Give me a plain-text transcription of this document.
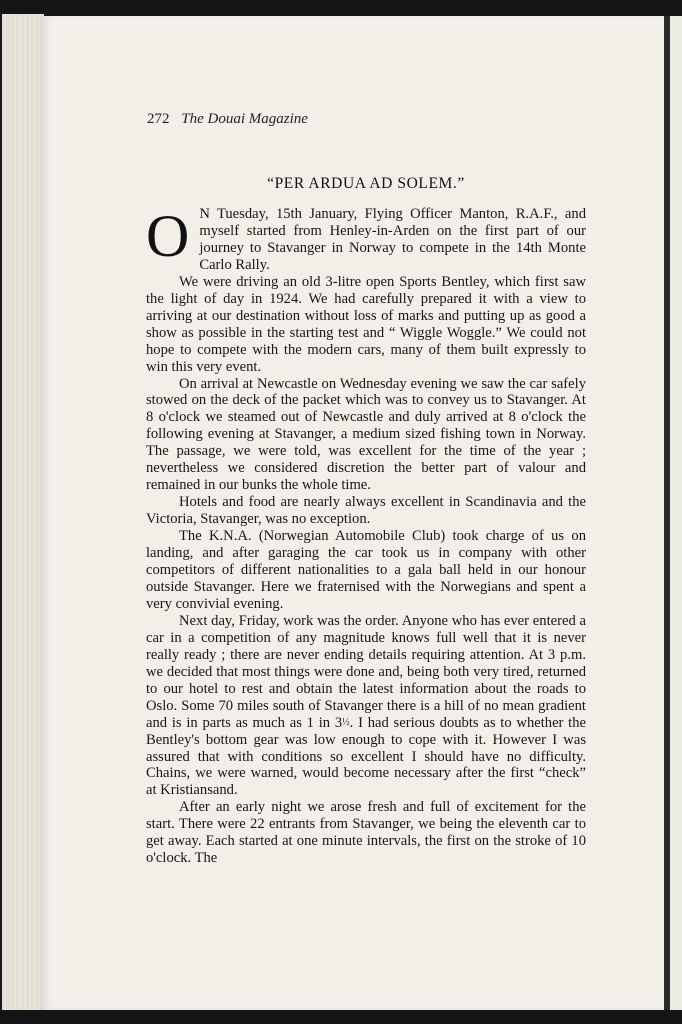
272 The Douai Magazine
“PER ARDUA AD SOLEM.”

O N Tuesday, 15th January, Flying Officer Manton, R.A.F., and myself started from Henley-in-Arden on the first part of our journey to Stavanger in Norway to compete in the 14th Monte Carlo Rally.

We were driving an old 3-litre open Sports Bentley, which first saw the light of day in 1924. We had carefully prepared it with a view to arriving at our destination without loss of marks and putting up as good a show as possible in the starting test and “ Wiggle Woggle.” We could not hope to compete with the modern cars, many of them built expressly to win this very event.

On arrival at Newcastle on Wednesday evening we saw the car safely stowed on the deck of the packet which was to convey us to Stavanger. At 8 o'clock we steamed out of Newcastle and duly arrived at 8 o'clock the following evening at Stavanger, a medium sized fishing town in Norway. The passage, we were told, was excellent for the time of the year ; nevertheless we considered discretion the better part of valour and remained in our bunks the whole time.

Hotels and food are nearly always excellent in Scandinavia and the Victoria, Stavanger, was no exception.

The K.N.A. (Norwegian Automobile Club) took charge of us on landing, and after garaging the car took us in company with other competitors of different nationalities to a gala ball held in our honour outside Stavanger. Here we fraternised with the Norwegians and spent a very convivial evening.

Next day, Friday, work was the order. Anyone who has ever entered a car in a competition of any magnitude knows full well that it is never really ready ; there are never ending details requiring attention. At 3 p.m. we decided that most things were done and, being both very tired, returned to our hotel to rest and obtain the latest information about the roads to Oslo. Some 70 miles south of Stavanger there is a hill of no mean gradient and is in parts as much as 1 in 3½. I had serious doubts as to whether the Bentley's bottom gear was low enough to cope with it. However I was assured that with conditions so excellent I should have no difficulty. Chains, we were warned, would become necessary after the first “check” at Kristiansand.

After an early night we arose fresh and full of excitement for the start. There were 22 entrants from Stavanger, we being the eleventh car to get away. Each started at one minute intervals, the first on the stroke of 10 o'clock. The
